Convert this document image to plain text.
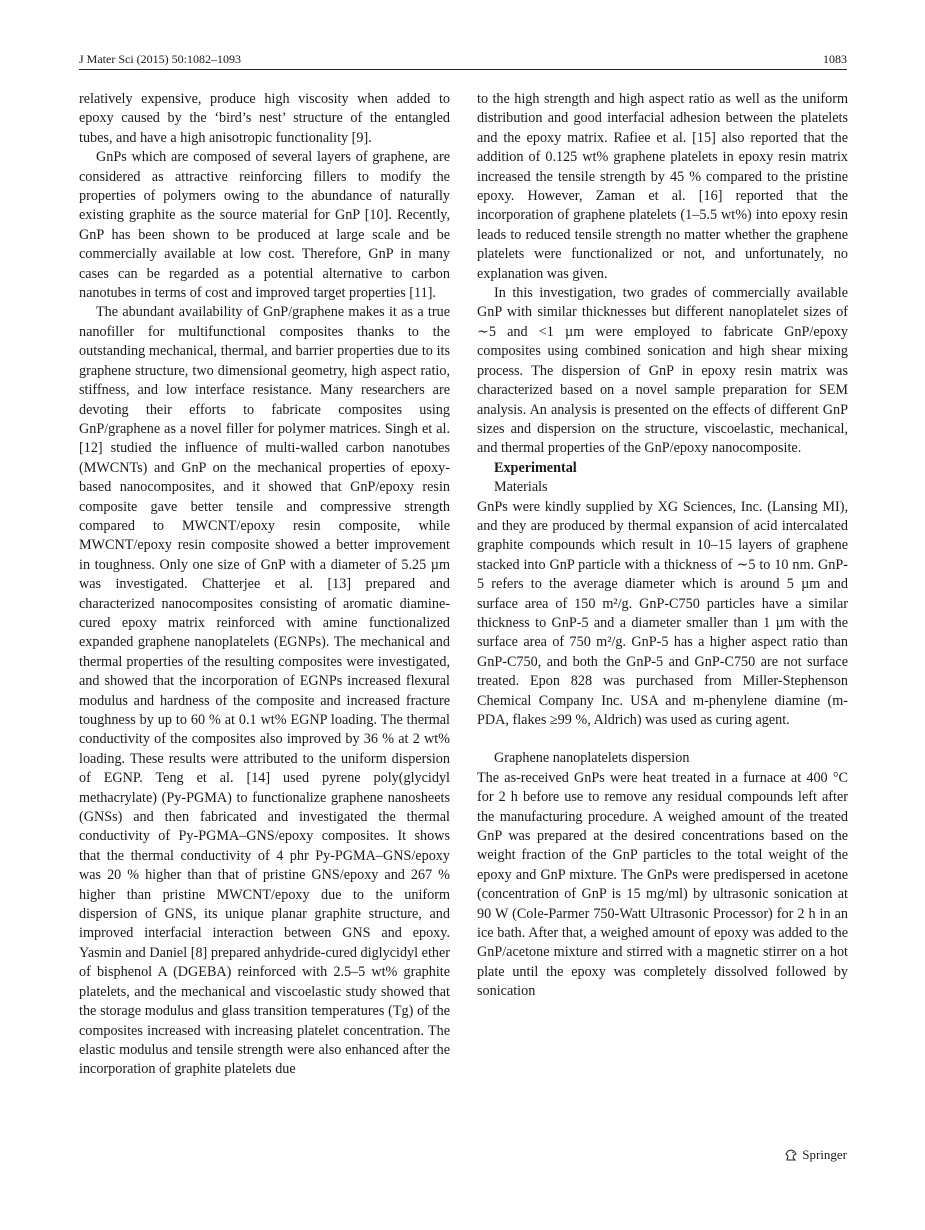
J Mater Sci (2015) 50:1082–1093	1083

relatively expensive, produce high viscosity when added to epoxy caused by the ‘bird’s nest’ structure of the entangled tubes, and have a high anisotropic functionality [9].

GnPs which are composed of several layers of graphene, are considered as attractive reinforcing fillers to modify the properties of polymers owing to the abundance of naturally existing graphite as the source material for GnP [10]. Recently, GnP has been shown to be produced at large scale and be commercially available at low cost. Therefore, GnP in many cases can be regarded as a potential alternative to carbon nanotubes in terms of cost and improved target properties [11].

The abundant availability of GnP/graphene makes it as a true nanofiller for multifunctional composites thanks to the outstanding mechanical, thermal, and barrier properties due to its graphene structure, two dimensional geometry, high aspect ratio, stiffness, and low interface resistance. Many researchers are devoting their efforts to fabricate composites using GnP/graphene as a novel filler for polymer matrices. Singh et al. [12] studied the influence of multi-walled carbon nanotubes (MWCNTs) and GnP on the mechanical properties of epoxy-based nanocomposites, and it showed that GnP/epoxy resin composite gave better tensile and compressive strength compared to MWCNT/epoxy resin composite, while MWCNT/epoxy resin composite showed a better improvement in toughness. Only one size of GnP with a diameter of 5.25 µm was investigated. Chatterjee et al. [13] prepared and characterized nanocomposites consisting of aromatic diamine-cured epoxy matrix reinforced with amine functionalized expanded graphene nanoplatelets (EGNPs). The mechanical and thermal properties of the resulting composites were investigated, and showed that the incorporation of EGNPs increased flexural modulus and hardness of the composite and increased fracture toughness by up to 60 % at 0.1 wt% EGNP loading. The thermal conductivity of the composites also improved by 36 % at 2 wt% loading. These results were attributed to the uniform dispersion of EGNP. Teng et al. [14] used pyrene poly(glycidyl methacrylate) (Py-PGMA) to functionalize graphene nanosheets (GNSs) and then fabricated and investigated the thermal conductivity of Py-PGMA–GNS/epoxy composites. It shows that the thermal conductivity of 4 phr Py-PGMA–GNS/epoxy was 20 % higher than that of pristine GNS/epoxy and 267 % higher than pristine MWCNT/epoxy due to the uniform dispersion of GNS, its unique planar graphite structure, and improved interfacial interaction between GNS and epoxy. Yasmin and Daniel [8] prepared anhydride-cured diglycidyl ether of bisphenol A (DGEBA) reinforced with 2.5–5 wt% graphite platelets, and the mechanical and viscoelastic study showed that the storage modulus and glass transition temperatures (Tg) of the composites increased with increasing platelet concentration. The elastic modulus and tensile strength were also enhanced after the incorporation of graphite platelets due

to the high strength and high aspect ratio as well as the uniform distribution and good interfacial adhesion between the platelets and the epoxy matrix. Rafiee et al. [15] also reported that the addition of 0.125 wt% graphene platelets in epoxy resin matrix increased the tensile strength by 45 % compared to the pristine epoxy. However, Zaman et al. [16] reported that the incorporation of graphene platelets (1–5.5 wt%) into epoxy resin leads to reduced tensile strength no matter whether the graphene platelets were functionalized or not, and unfortunately, no explanation was given.

In this investigation, two grades of commercially available GnP with similar thicknesses but different nanoplatelet sizes of ∼5 and <1 µm were employed to fabricate GnP/epoxy composites using combined sonication and high shear mixing process. The dispersion of GnP in epoxy resin matrix was characterized based on a novel sample preparation for SEM analysis. An analysis is presented on the effects of different GnP sizes and dispersion on the structure, viscoelastic, mechanical, and thermal properties of the GnP/epoxy nanocomposite.

Experimental

Materials

GnPs were kindly supplied by XG Sciences, Inc. (Lansing MI), and they are produced by thermal expansion of acid intercalated graphite compounds which result in 10–15 layers of graphene stacked into GnP particle with a thickness of ∼5 to 10 nm. GnP-5 refers to the average diameter which is around 5 µm and surface area of 150 m²/g. GnP-C750 particles have a similar thickness to GnP-5 and a diameter smaller than 1 µm with the surface area of 750 m²/g. GnP-5 has a higher aspect ratio than GnP-C750, and both the GnP-5 and GnP-C750 are not surface treated. Epon 828 was purchased from Miller-Stephenson Chemical Company Inc. USA and m-phenylene diamine (m-PDA, flakes ≥99 %, Aldrich) was used as curing agent.

Graphene nanoplatelets dispersion

The as-received GnPs were heat treated in a furnace at 400 °C for 2 h before use to remove any residual compounds left after the manufacturing procedure. A weighed amount of the treated GnP was prepared at the desired concentrations based on the weight fraction of the GnP particles to the total weight of the epoxy and GnP mixture. The GnPs were predispersed in acetone (concentration of GnP is 15 mg/ml) by ultrasonic sonication at 90 W (Cole-Parmer 750-Watt Ultrasonic Processor) for 2 h in an ice bath. After that, a weighed amount of epoxy was added to the GnP/acetone mixture and stirred with a magnetic stirrer on a hot plate until the epoxy was completely dissolved followed by sonication

Springer
